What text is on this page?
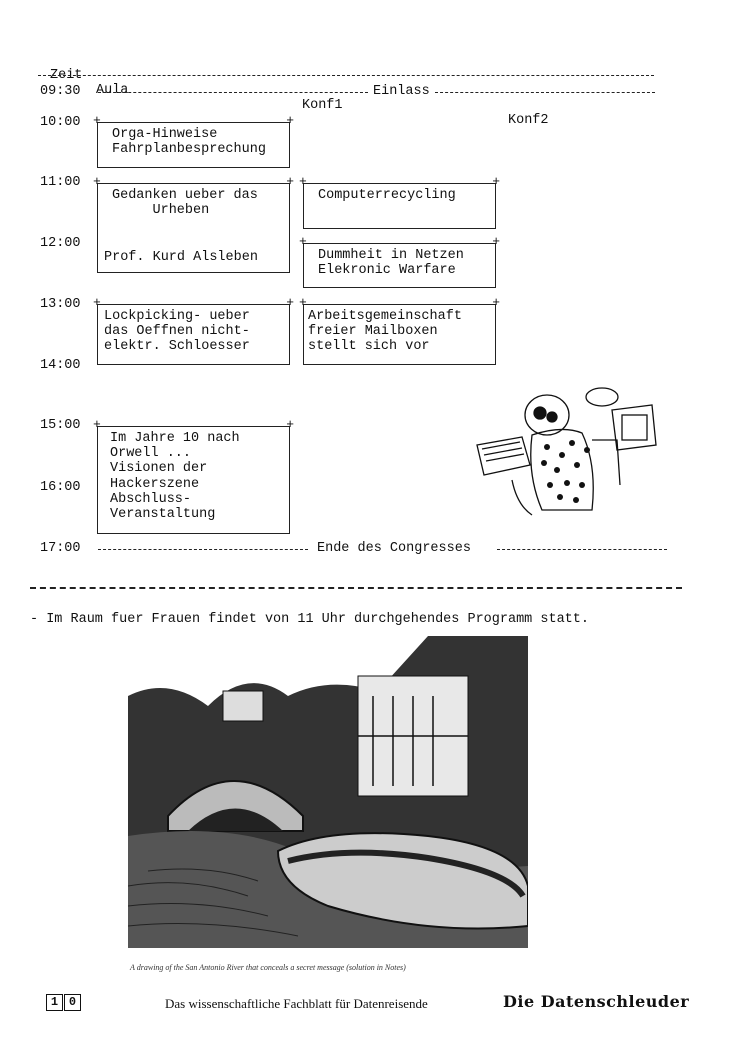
Zeit

Aula

Konf1

Konf2

09:30
10:00
11:00
12:00
13:00
14:00
15:00
16:00
17:00
Einlass
+ Orga-Hinweise
Fahrplanbesprechung
+
+ Gedanken ueber das
Urheben
Prof. Kurd Alsleben
+
+ Lockpicking- ueber
das Oeffnen nicht-
elektr. Schloesser
+
+ Im Jahre 10 nach
Orwell ...
Visionen der
Hackerszene
Abschluss-
Veranstaltung
+
+ Computerrecycling
+
+ Dummheit in Netzen
Elekronic Warfare
+
+ Arbeitsgemeinschaft
freier Mailboxen
stellt sich vor
+
Ende des Congresses
- Im Raum fuer Frauen findet von 11 Uhr durchgehendes Programm statt.
A drawing of the San Antonio River that conceals a secret message (solution in Notes)
1 0	Das wissenschaftliche Fachblatt für Datenreisende	Die Datenschleuder
